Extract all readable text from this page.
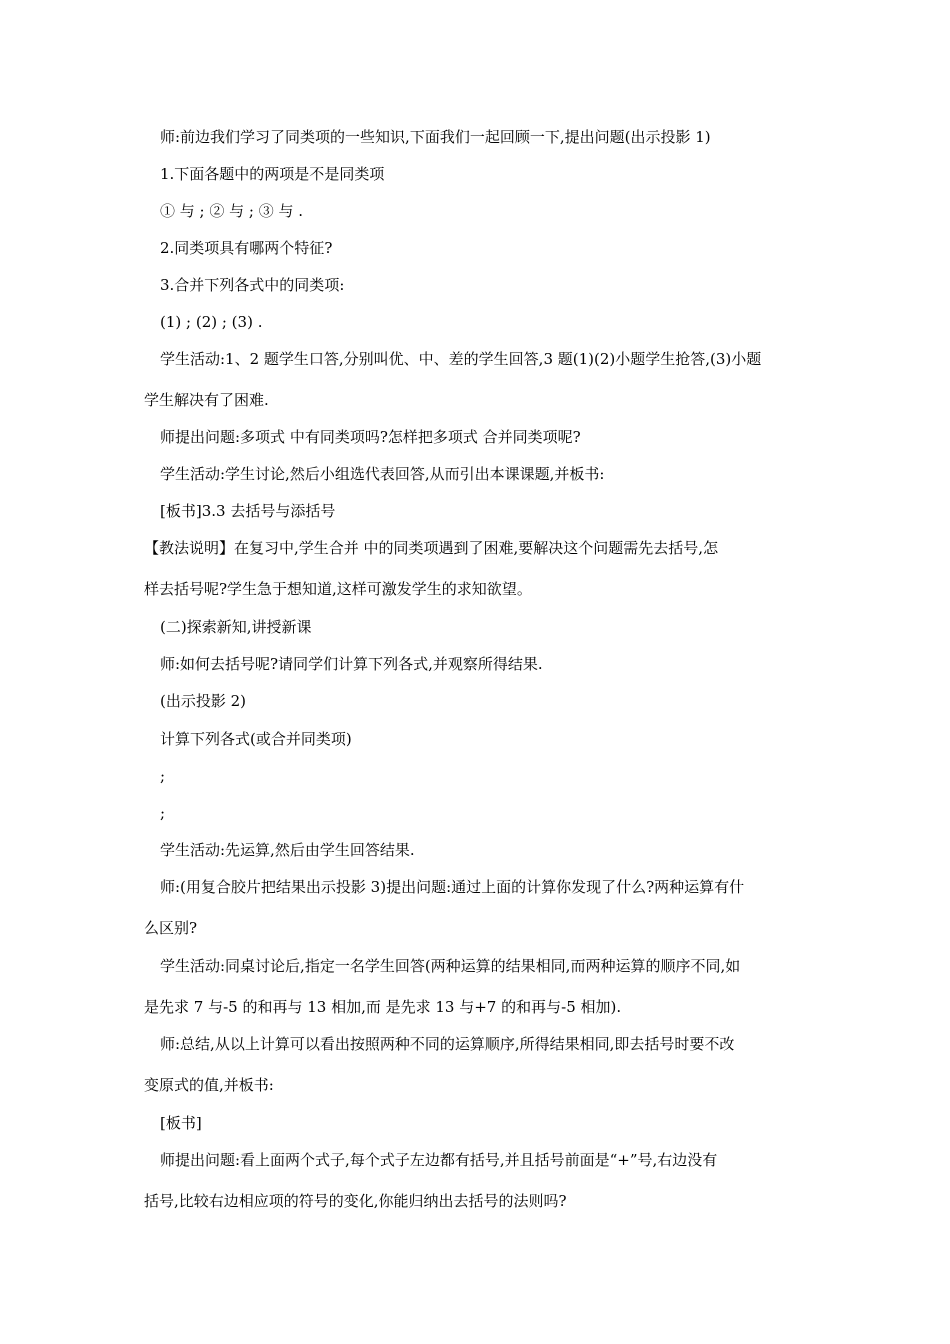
师:前边我们学习了同类项的一些知识,下面我们一起回顾一下,提出问题(出示投影 1)
1.下面各题中的两项是不是同类项
① 与 ; ② 与 ; ③ 与 .
2.同类项具有哪两个特征?
3.合并下列各式中的同类项:
(1) ; (2) ; (3) .
学生活动:1、2 题学生口答,分别叫优、中、差的学生回答,3 题(1)(2)小题学生抢答,(3)小题
学生解决有了困难.
师提出问题:多项式 中有同类项吗?怎样把多项式 合并同类项呢?
学生活动:学生讨论,然后小组选代表回答,从而引出本课课题,并板书:
[板书]3.3 去括号与添括号
【教法说明】在复习中,学生合并 中的同类项遇到了困难,要解决这个问题需先去括号,怎
样去括号呢?学生急于想知道,这样可激发学生的求知欲望。
(二)探索新知,讲授新课
师:如何去括号呢?请同学们计算下列各式,并观察所得结果.
(出示投影 2)
计算下列各式(或合并同类项)
;
;
学生活动:先运算,然后由学生回答结果.
师:(用复合胶片把结果出示投影 3)提出问题:通过上面的计算你发现了什么?两种运算有什
么区别?
学生活动:同桌讨论后,指定一名学生回答(两种运算的结果相同,而两种运算的顺序不同,如
是先求 7 与-5 的和再与 13 相加,而 是先求 13 与+7 的和再与-5 相加).
师:总结,从以上计算可以看出按照两种不同的运算顺序,所得结果相同,即去括号时要不改
变原式的值,并板书:
[板书]
师提出问题:看上面两个式子,每个式子左边都有括号,并且括号前面是“+”号,右边没有
括号,比较右边相应项的符号的变化,你能归纳出去括号的法则吗?
